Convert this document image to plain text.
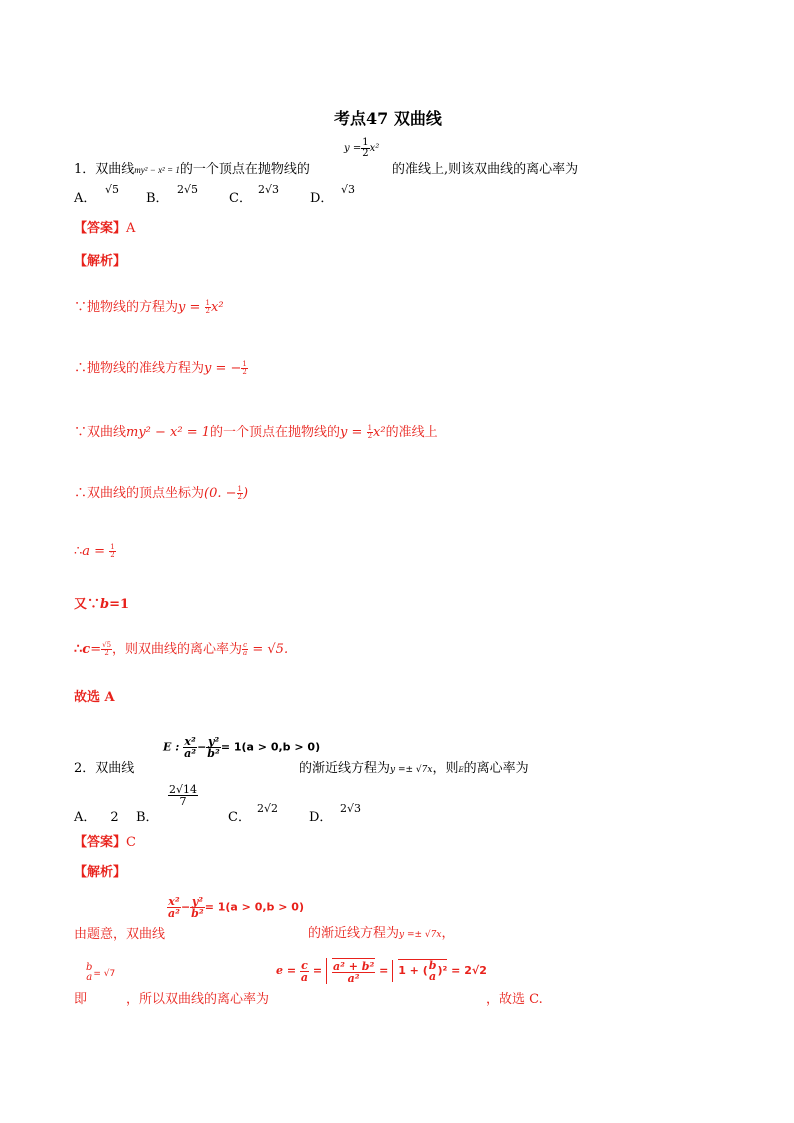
考点47 双曲线
1．双曲线my² − x² = 1的一个顶点在抛物线的
$y = \frac{1}{2} x^2$
的准线上,则该双曲线的离心率为
A．
√5
B．
2√5
C．
2√3
D．
√3
【答案】A
【解析】
∵抛物线的方程为$y = \frac{1}{2} x^2$
∴抛物线的准线方程为y = − $\frac{1}{2}$
∵双曲线my² − x² = 1的一个顶点在抛物线的$y = \frac{1}{2} x^2$的准线上
∴双曲线的顶点坐标为(0. − $\frac{1}{2}$ )
∴a = $\frac{1}{2}$
又∵b=1
∴c= $\frac{√5}{2}$ ，则双曲线的离心率为 $\frac{c}{a} = √5$.
故选 A
2．双曲线
E : $\frac{\text{x²}}{\text{a²}} - \frac{\text{y²}}{\text{b²}} = 1(a > 0,b > 0)$
的渐近线方程为y =± √7x，则E的离心率为
A． 2 B．
$\frac{2√14}{7}$
C．
2√2
D．
2√3
【答案】C
【解析】
由题意，双曲线
$\frac{\text{x²}}{\text{a²}} - \frac{\text{y²}}{\text{b²}} = 1(a > 0,b > 0)$
的渐近线方程为y =± √7x，
即
b
a = √7
，所以双曲线的离心率为
$e = \frac{c}{a} = \frac{\text{a² + b²}}{\text{a²}} = 1$ + ( b
a )² = 2√2
，故选 C.
